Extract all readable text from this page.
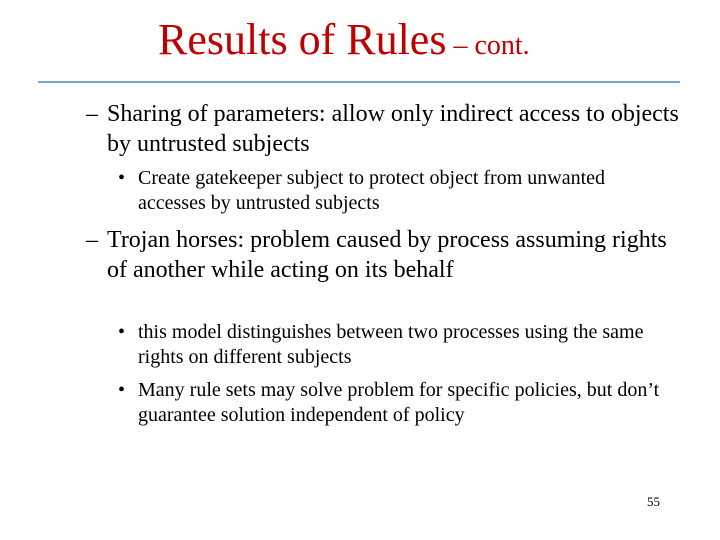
Results of Rules – cont.
– Sharing of parameters: allow only indirect access to objects by untrusted subjects
• Create gatekeeper subject to protect object from unwanted accesses by untrusted subjects
– Trojan horses: problem caused by process assuming rights of another while acting on its behalf
• this model distinguishes between two processes using the same rights on different subjects
• Many rule sets may solve problem for specific policies, but don’t guarantee solution independent of policy
55
